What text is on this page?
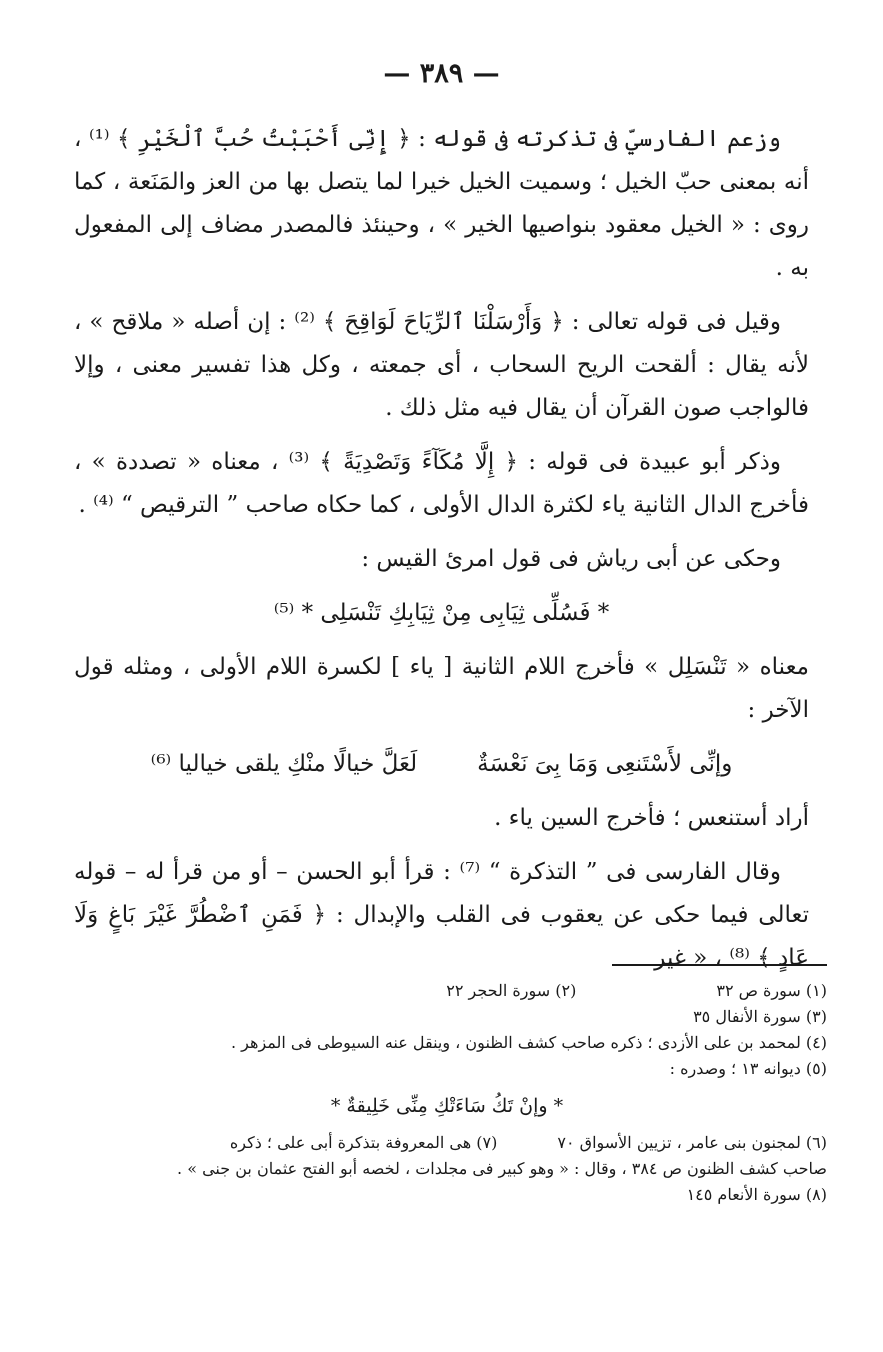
— ٣٨٩ —

وزعم الفارسيّ فى تذكرته فى قوله : ﴿ إِنِّى أَحْبَبْتُ حُبَّ ٱلْخَيْرِ ﴾ ⁽¹⁾ ، أنه بمعنى حبّ الخيل ؛ وسميت الخيل خيرا لما يتصل بها من العز والمَنَعة ، كما روى : « الخيل معقود بنواصيها الخير » ، وحينئذ فالمصدر مضاف إلى المفعول به .

وقيل فى قوله تعالى : ﴿ وَأَرْسَلْنَا ٱلرِّيَاحَ لَوَاقِحَ ﴾ ⁽²⁾ : إن أصله « ملاقح » ، لأنه يقال : ألقحت الريح السحاب ، أى جمعته ، وكل هذا تفسير معنى ، وإلا فالواجب صون القرآن أن يقال فيه مثل ذلك .

وذكر أبو عبيدة فى قوله : ﴿ إِلَّا مُكَآءً وَتَصْدِيَةً ﴾ ⁽³⁾ ، معناه « تصددة » ، فأخرج الدال الثانية ياء لكثرة الدال الأولى ، كما حكاه صاحب ” الترقيص “ ⁽⁴⁾ .

وحكى عن أبى رياش فى قول امرئ القيس :

* فَسُلِّى ثِيَابِى مِنْ ثِيَابِكِ تَنْسَلِى * ⁽⁵⁾

معناه « تَنْسَلِل » فأخرج اللام الثانية [ ياء ] لكسرة اللام الأولى ، ومثله قول الآخر :

وإنِّى لأَسْتَنعِى وَمَا بِىَ نَعْسَةٌ
لَعَلَّ خيالًا منْكِ يلقى خياليا ⁽⁶⁾

أراد أستنعس ؛ فأخرج السين ياء .

وقال الفارسى فى ” التذكرة “ ⁽⁷⁾ : قرأ أبو الحسن – أو من قرأ له – قوله تعالى فيما حكى عن يعقوب فى القلب والإبدال : ﴿ فَمَنِ ٱضْطُرَّ غَيْرَ بَاغٍ وَلَا عَادٍ ﴾ ⁽⁸⁾ ، « غير

(١) سورة ص ٣٢
(٢) سورة الحجر ٢٢

(٣) سورة الأنفال ٣٥

(٤) لمحمد بن على الأزدى ؛ ذكره صاحب كشف الظنون ، وينقل عنه السيوطى فى المزهر .

(٥) ديوانه ١٣ ؛ وصدره :

* وإنْ تَكُ سَاءَتْكِ مِنِّى خَلِيقةٌ *
(٦) لمجنون بنى عامر ، تزيين الأسواق ٧٠
(٧) هى المعروفة بتذكرة أبى على ؛ ذكره

صاحب كشف الظنون ص ٣٨٤ ، وقال : « وهو كبير فى مجلدات ، لخصه أبو الفتح عثمان بن جنى » .

(٨) سورة الأنعام ١٤٥
